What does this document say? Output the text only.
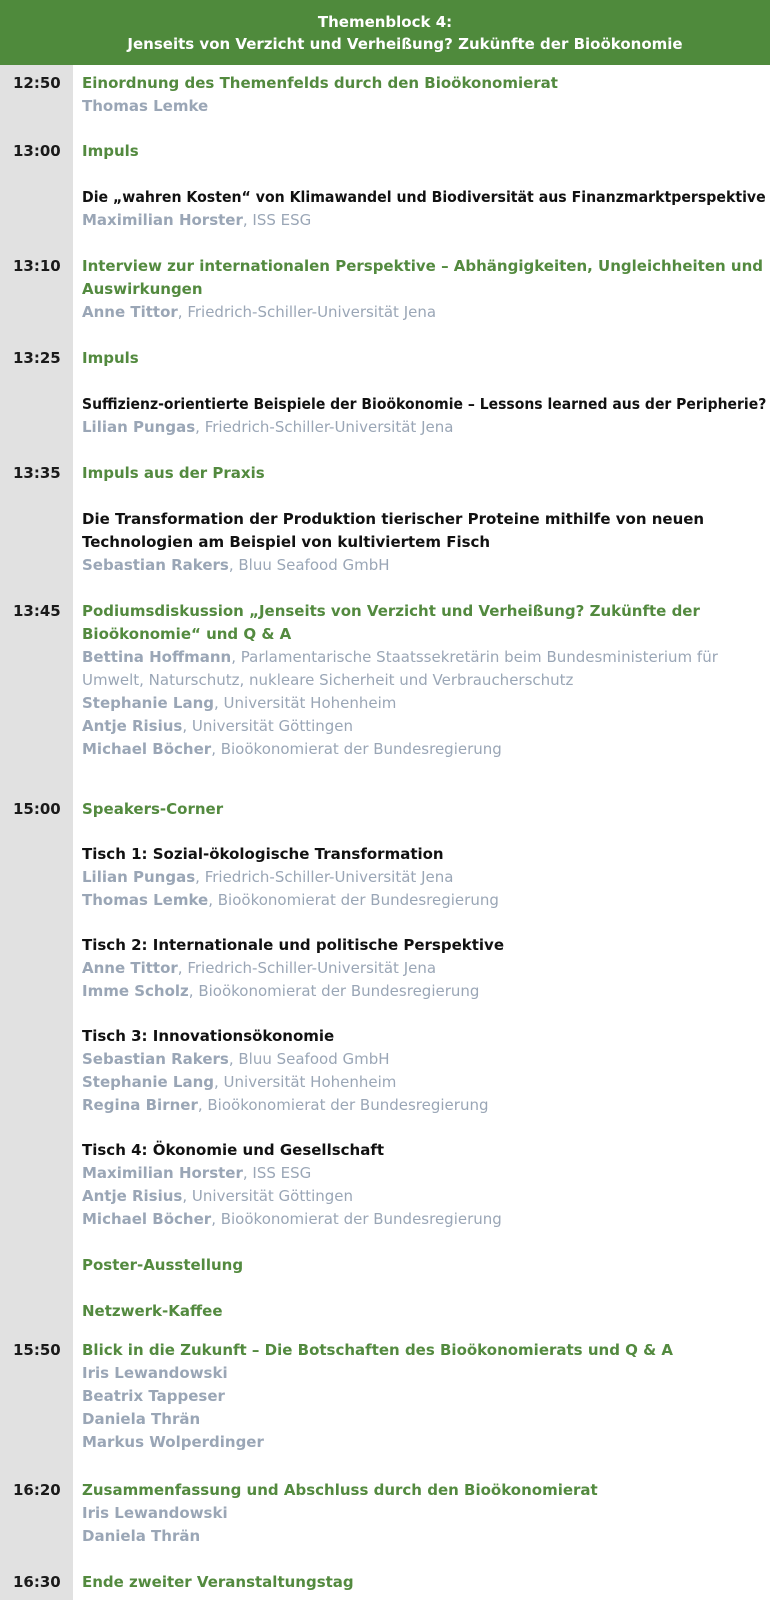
Themenblock 4:
Jenseits von Verzicht und Verheißung? Zukünfte der Bioökonomie
12:50
13:00
13:10
13:25
13:35
13:45
15:00
15:50
16:20
16:30
Einordnung des Themenfelds durch den Bioökonomierat
Thomas Lemke
Impuls
Die „wahren Kosten“ von Klimawandel und Biodiversität aus Finanzmarktperspektive
Maximilian Horster, ISS ESG
Interview zur internationalen Perspektive – Abhängigkeiten, Ungleichheiten und
Auswirkungen
Anne Tittor, Friedrich-Schiller-Universität Jena
Impuls
Suffizienz-orientierte Beispiele der Bioökonomie – Lessons learned aus der Peripherie?
Lilian Pungas, Friedrich-Schiller-Universität Jena
Impuls aus der Praxis
Die Transformation der Produktion tierischer Proteine mithilfe von neuen
Technologien am Beispiel von kultiviertem Fisch
Sebastian Rakers, Bluu Seafood GmbH
Podiumsdiskussion „Jenseits von Verzicht und Verheißung? Zukünfte der
Bioökonomie“ und Q & A
Bettina Hoffmann, Parlamentarische Staatssekretärin beim Bundesministerium für
Umwelt, Naturschutz, nukleare Sicherheit und Verbraucherschutz
Stephanie Lang, Universität Hohenheim
Antje Risius, Universität Göttingen
Michael Böcher, Bioökonomierat der Bundesregierung
Speakers-Corner
Tisch 1: Sozial-ökologische Transformation
Lilian Pungas, Friedrich-Schiller-Universität Jena
Thomas Lemke, Bioökonomierat der Bundesregierung
Tisch 2: Internationale und politische Perspektive
Anne Tittor, Friedrich-Schiller-Universität Jena
Imme Scholz, Bioökonomierat der Bundesregierung
Tisch 3: Innovationsökonomie
Sebastian Rakers, Bluu Seafood GmbH
Stephanie Lang, Universität Hohenheim
Regina Birner, Bioökonomierat der Bundesregierung
Tisch 4: Ökonomie und Gesellschaft
Maximilian Horster, ISS ESG
Antje Risius, Universität Göttingen
Michael Böcher, Bioökonomierat der Bundesregierung
Poster-Ausstellung
Netzwerk-Kaffee
Blick in die Zukunft – Die Botschaften des Bioökonomierats und Q & A
Iris Lewandowski
Beatrix Tappeser
Daniela Thrän
Markus Wolperdinger
Zusammenfassung und Abschluss durch den Bioökonomierat
Iris Lewandowski
Daniela Thrän
Ende zweiter Veranstaltungstag
